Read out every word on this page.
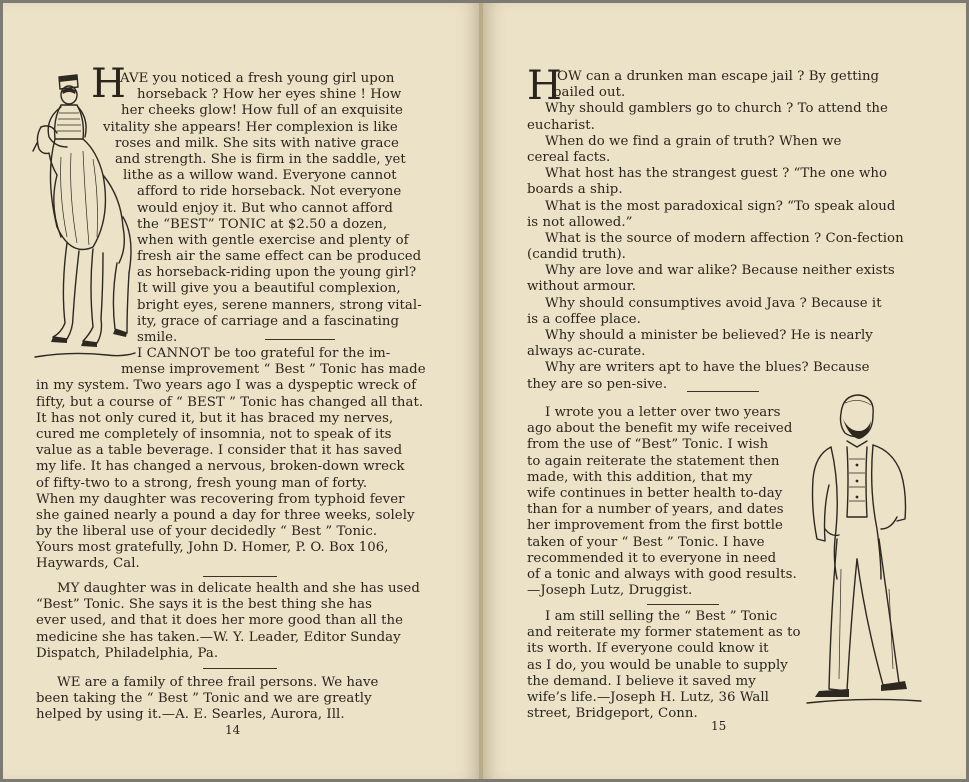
H
AVE you noticed a fresh young girl upon
horseback ? How her eyes shine ! How
her cheeks glow! How full of an exquisite
vitality she appears! Her complexion is like
roses and milk. She sits with native grace
and strength. She is firm in the saddle, yet
lithe as a willow wand. Everyone cannot
afford to ride horseback. Not everyone
would enjoy it. But who cannot afford
the “BEST” TONIC at $2.50 a dozen,
when with gentle exercise and plenty of
fresh air the same effect can be produced
as horseback-riding upon the young girl?
It will give you a beautiful complexion,
bright eyes, serene manners, strong vital-
ity, grace of carriage and a fascinating
smile.
I CANNOT be too grateful for the im-
mense improvement “ Best ” Tonic has made
in my system. Two years ago I was a dyspeptic wreck of
fifty, but a course of “ BEST ” Tonic has changed all that.
It has not only cured it, but it has braced my nerves,
cured me completely of insomnia, not to speak of its
value as a table beverage. I consider that it has saved
my life. It has changed a nervous, broken-down wreck
of fifty-two to a strong, fresh young man of forty.
When my daughter was recovering from typhoid fever
she gained nearly a pound a day for three weeks, solely
by the liberal use of your decidedly “ Best ” Tonic.
Yours most gratefully, John D. Homer, P. O. Box 106,
Haywards, Cal.
MY daughter was in delicate health and she has used
“Best” Tonic. She says it is the best thing she has
ever used, and that it does her more good than all the
medicine she has taken.—W. Y. Leader, Editor Sunday
Dispatch, Philadelphia, Pa.
WE are a family of three frail persons. We have
been taking the “ Best ” Tonic and we are greatly
helped by using it.—A. E. Searles, Aurora, Ill.
14
H
OW can a drunken man escape jail ? By getting
bailed out.
Why should gamblers go to church ? To attend the
eucharist.
When do we find a grain of truth? When we
cereal facts.
What host has the strangest guest ? “The one who
boards a ship.
What is the most paradoxical sign? “To speak aloud
is not allowed.”
What is the source of modern affection ? Con-fection
(candid truth).
Why are love and war alike? Because neither exists
without armour.
Why should consumptives avoid Java ? Because it
is a coffee place.
Why should a minister be believed? He is nearly
always ac-curate.
Why are writers apt to have the blues? Because
they are so pen-sive.
I wrote you a letter over two years
ago about the benefit my wife received
from the use of “Best” Tonic. I wish
to again reiterate the statement then
made, with this addition, that my
wife continues in better health to-day
than for a number of years, and dates
her improvement from the first bottle
taken of your “ Best ” Tonic. I have
recommended it to everyone in need
of a tonic and always with good results.
—Joseph Lutz, Druggist.
I am still selling the “ Best ” Tonic
and reiterate my former statement as to
its worth. If everyone could know it
as I do, you would be unable to supply
the demand. I believe it saved my
wife’s life.—Joseph H. Lutz, 36 Wall
street, Bridgeport, Conn.
15
